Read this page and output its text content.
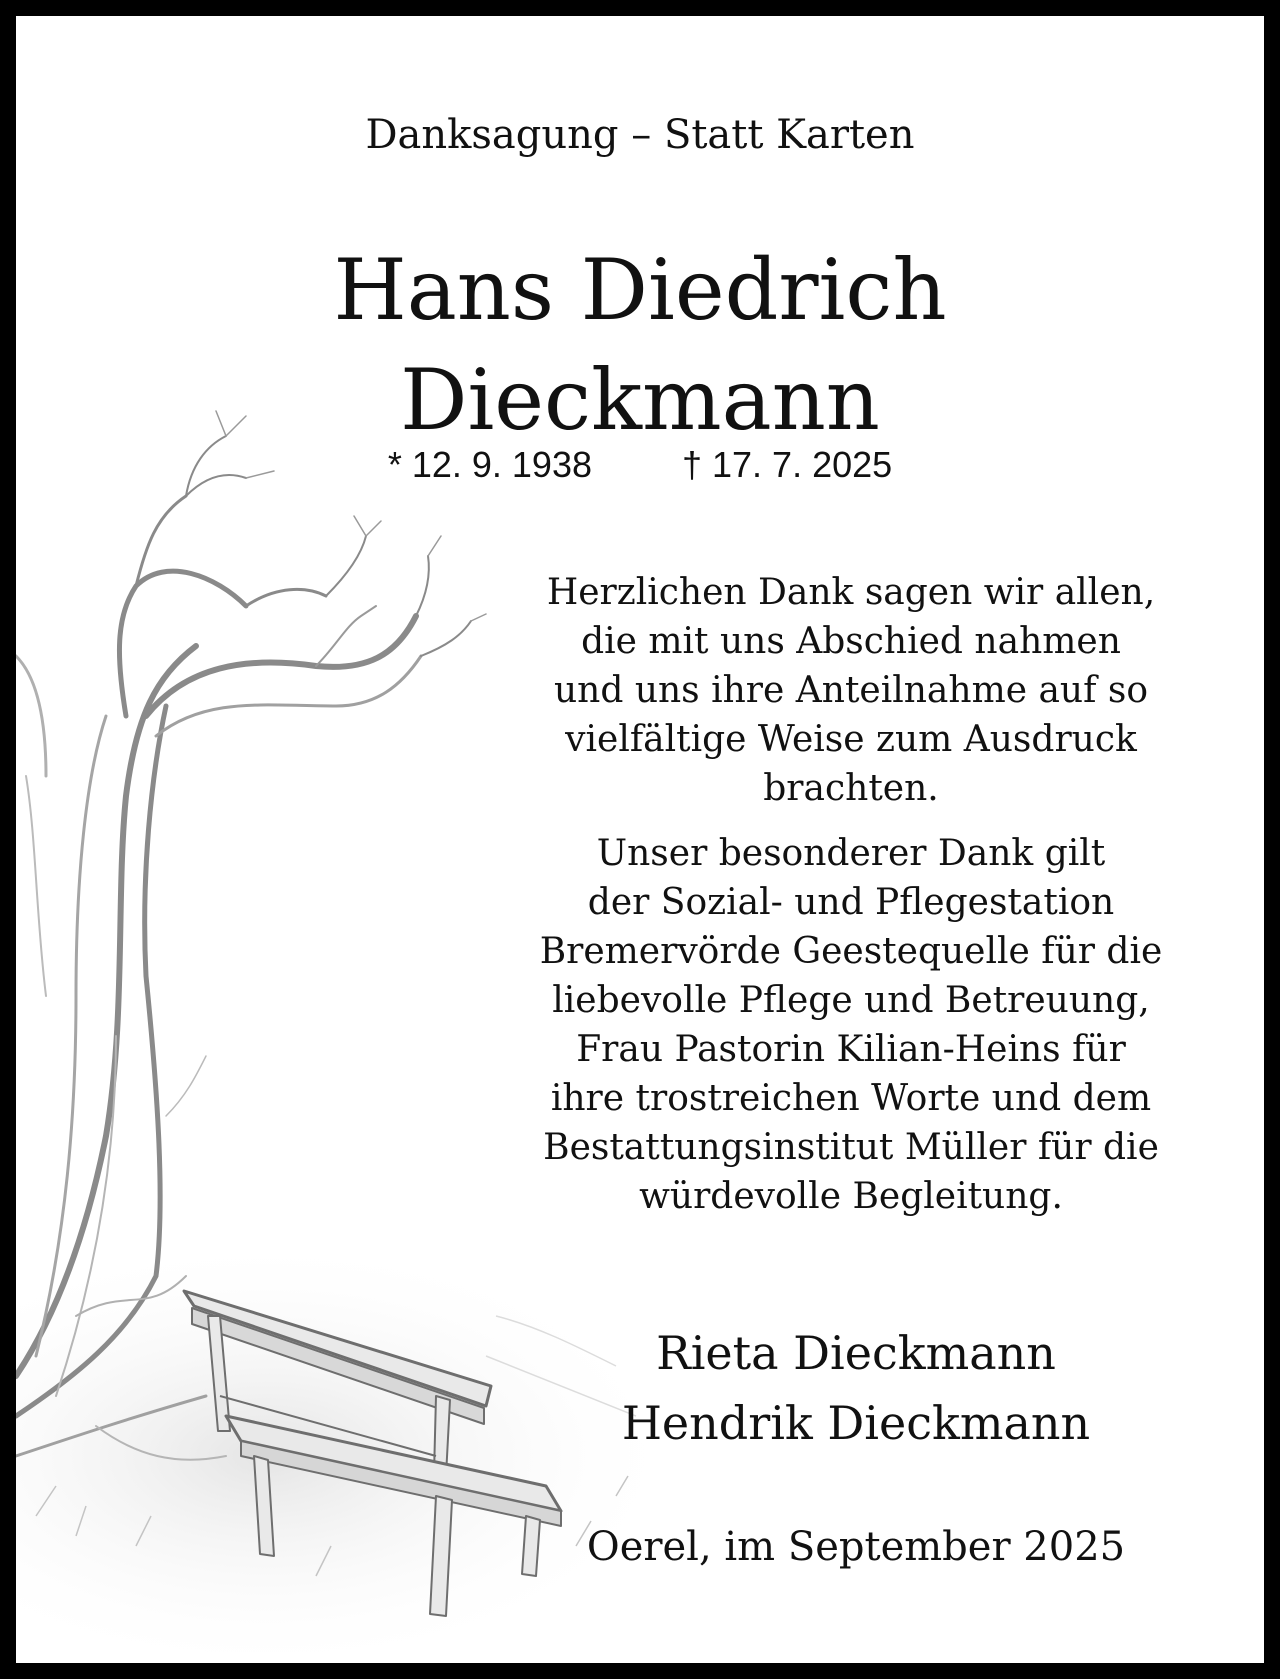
Danksagung – Statt Karten

Hans Diedrich

Dieckmann

* 12. 9. 1938	† 17. 7. 2025

Herzlichen Dank sagen wir allen,
die mit uns Abschied nahmen
und uns ihre Anteilnahme auf so
vielfältige Weise zum Ausdruck
brachten.
Unser besonderer Dank gilt
der Sozial- und Pflegestation
Bremervörde Geestequelle für die
liebevolle Pflege und Betreuung,
Frau Pastorin Kilian-Heins für
ihre trostreichen Worte und dem
Bestattungsinstitut Müller für die
würdevolle Begleitung.
Rieta Dieckmann
Hendrik Dieckmann
Oerel, im September 2025
